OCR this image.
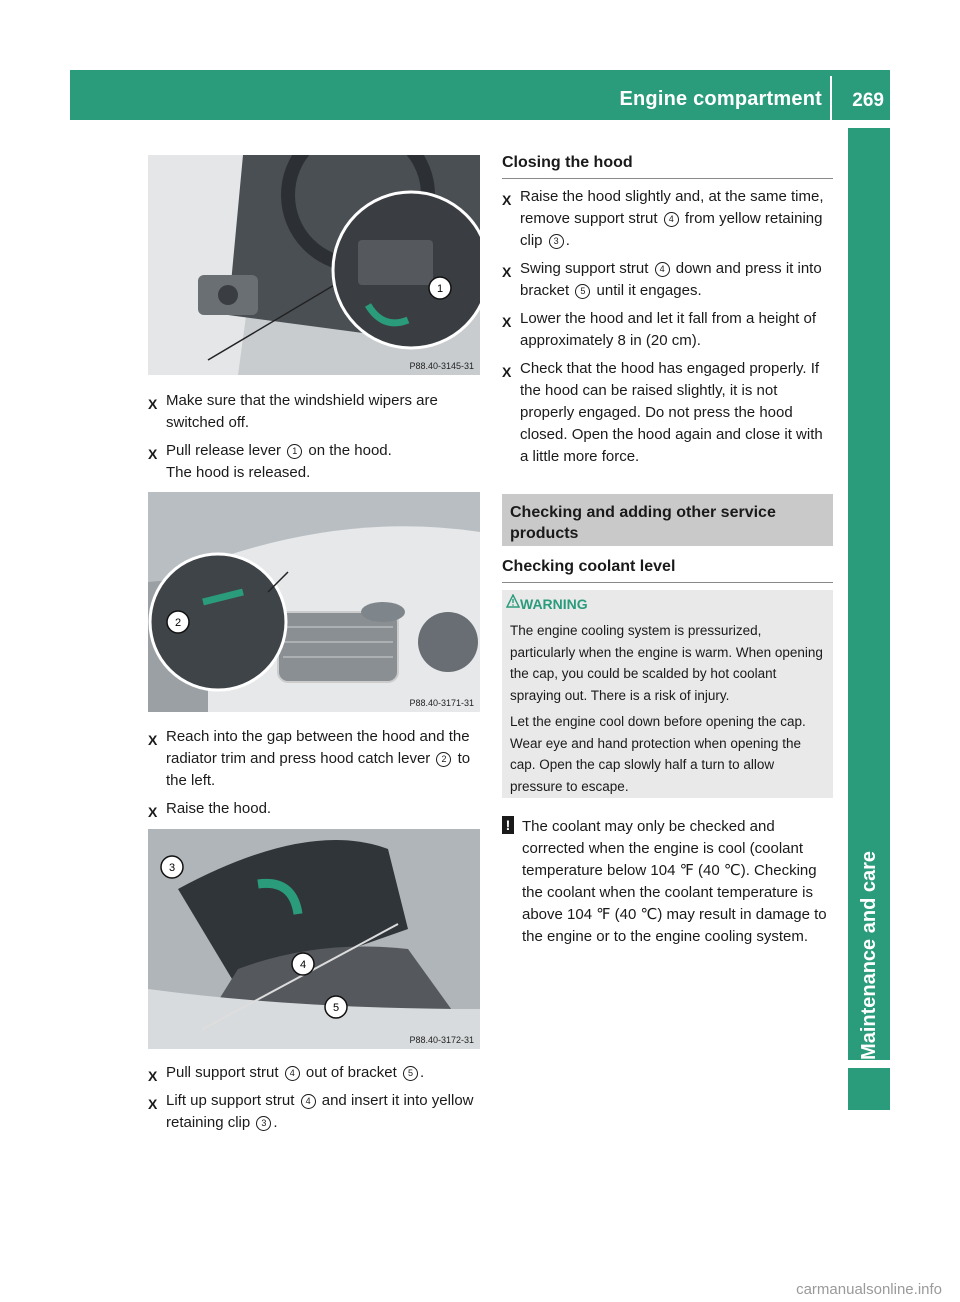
Engine compartment 269
Maintenance and care
1
P88.40-3145-31
X Make sure that the windshield wipers are switched off.
X Pull release lever 1 on the hood.
The hood is released.
2
P88.40-3171-31
X Reach into the gap between the hood and the radiator trim and press hood catch lever 2 to the left.
X Raise the hood.
3
4
5
P88.40-3172-31
X Pull support strut 4 out of bracket 5 .
X Lift up support strut 4 and insert it into yellow retaining clip 3 .
Closing the hood
X Raise the hood slightly and, at the same time, remove support strut 4 from yellow retaining clip 3 .
X Swing support strut 4 down and press it into bracket 5 until it engages.
X Lower the hood and let it fall from a height of approximately 8 in (20 cm).
X Check that the hood has engaged properly. If the hood can be raised slightly, it is not properly engaged. Do not press the hood closed. Open the hood again and close it with a little more force.
Checking and adding other service products
Checking coolant level
WARNING

The engine cooling system is pressurized, particularly when the engine is warm. When opening the cap, you could be scalded by hot coolant spraying out. There is a risk of injury.

Let the engine cool down before opening the cap. Wear eye and hand protection when opening the cap. Open the cap slowly half a turn to allow pressure to escape.

! The coolant may only be checked and corrected when the engine is cool (coolant temperature below 104 ℉ (40 ℃). Checking the coolant when the coolant temperature is above 104 ℉ (40 ℃) may result in damage to the engine or to the engine cooling system.
carmanualsonline.info
